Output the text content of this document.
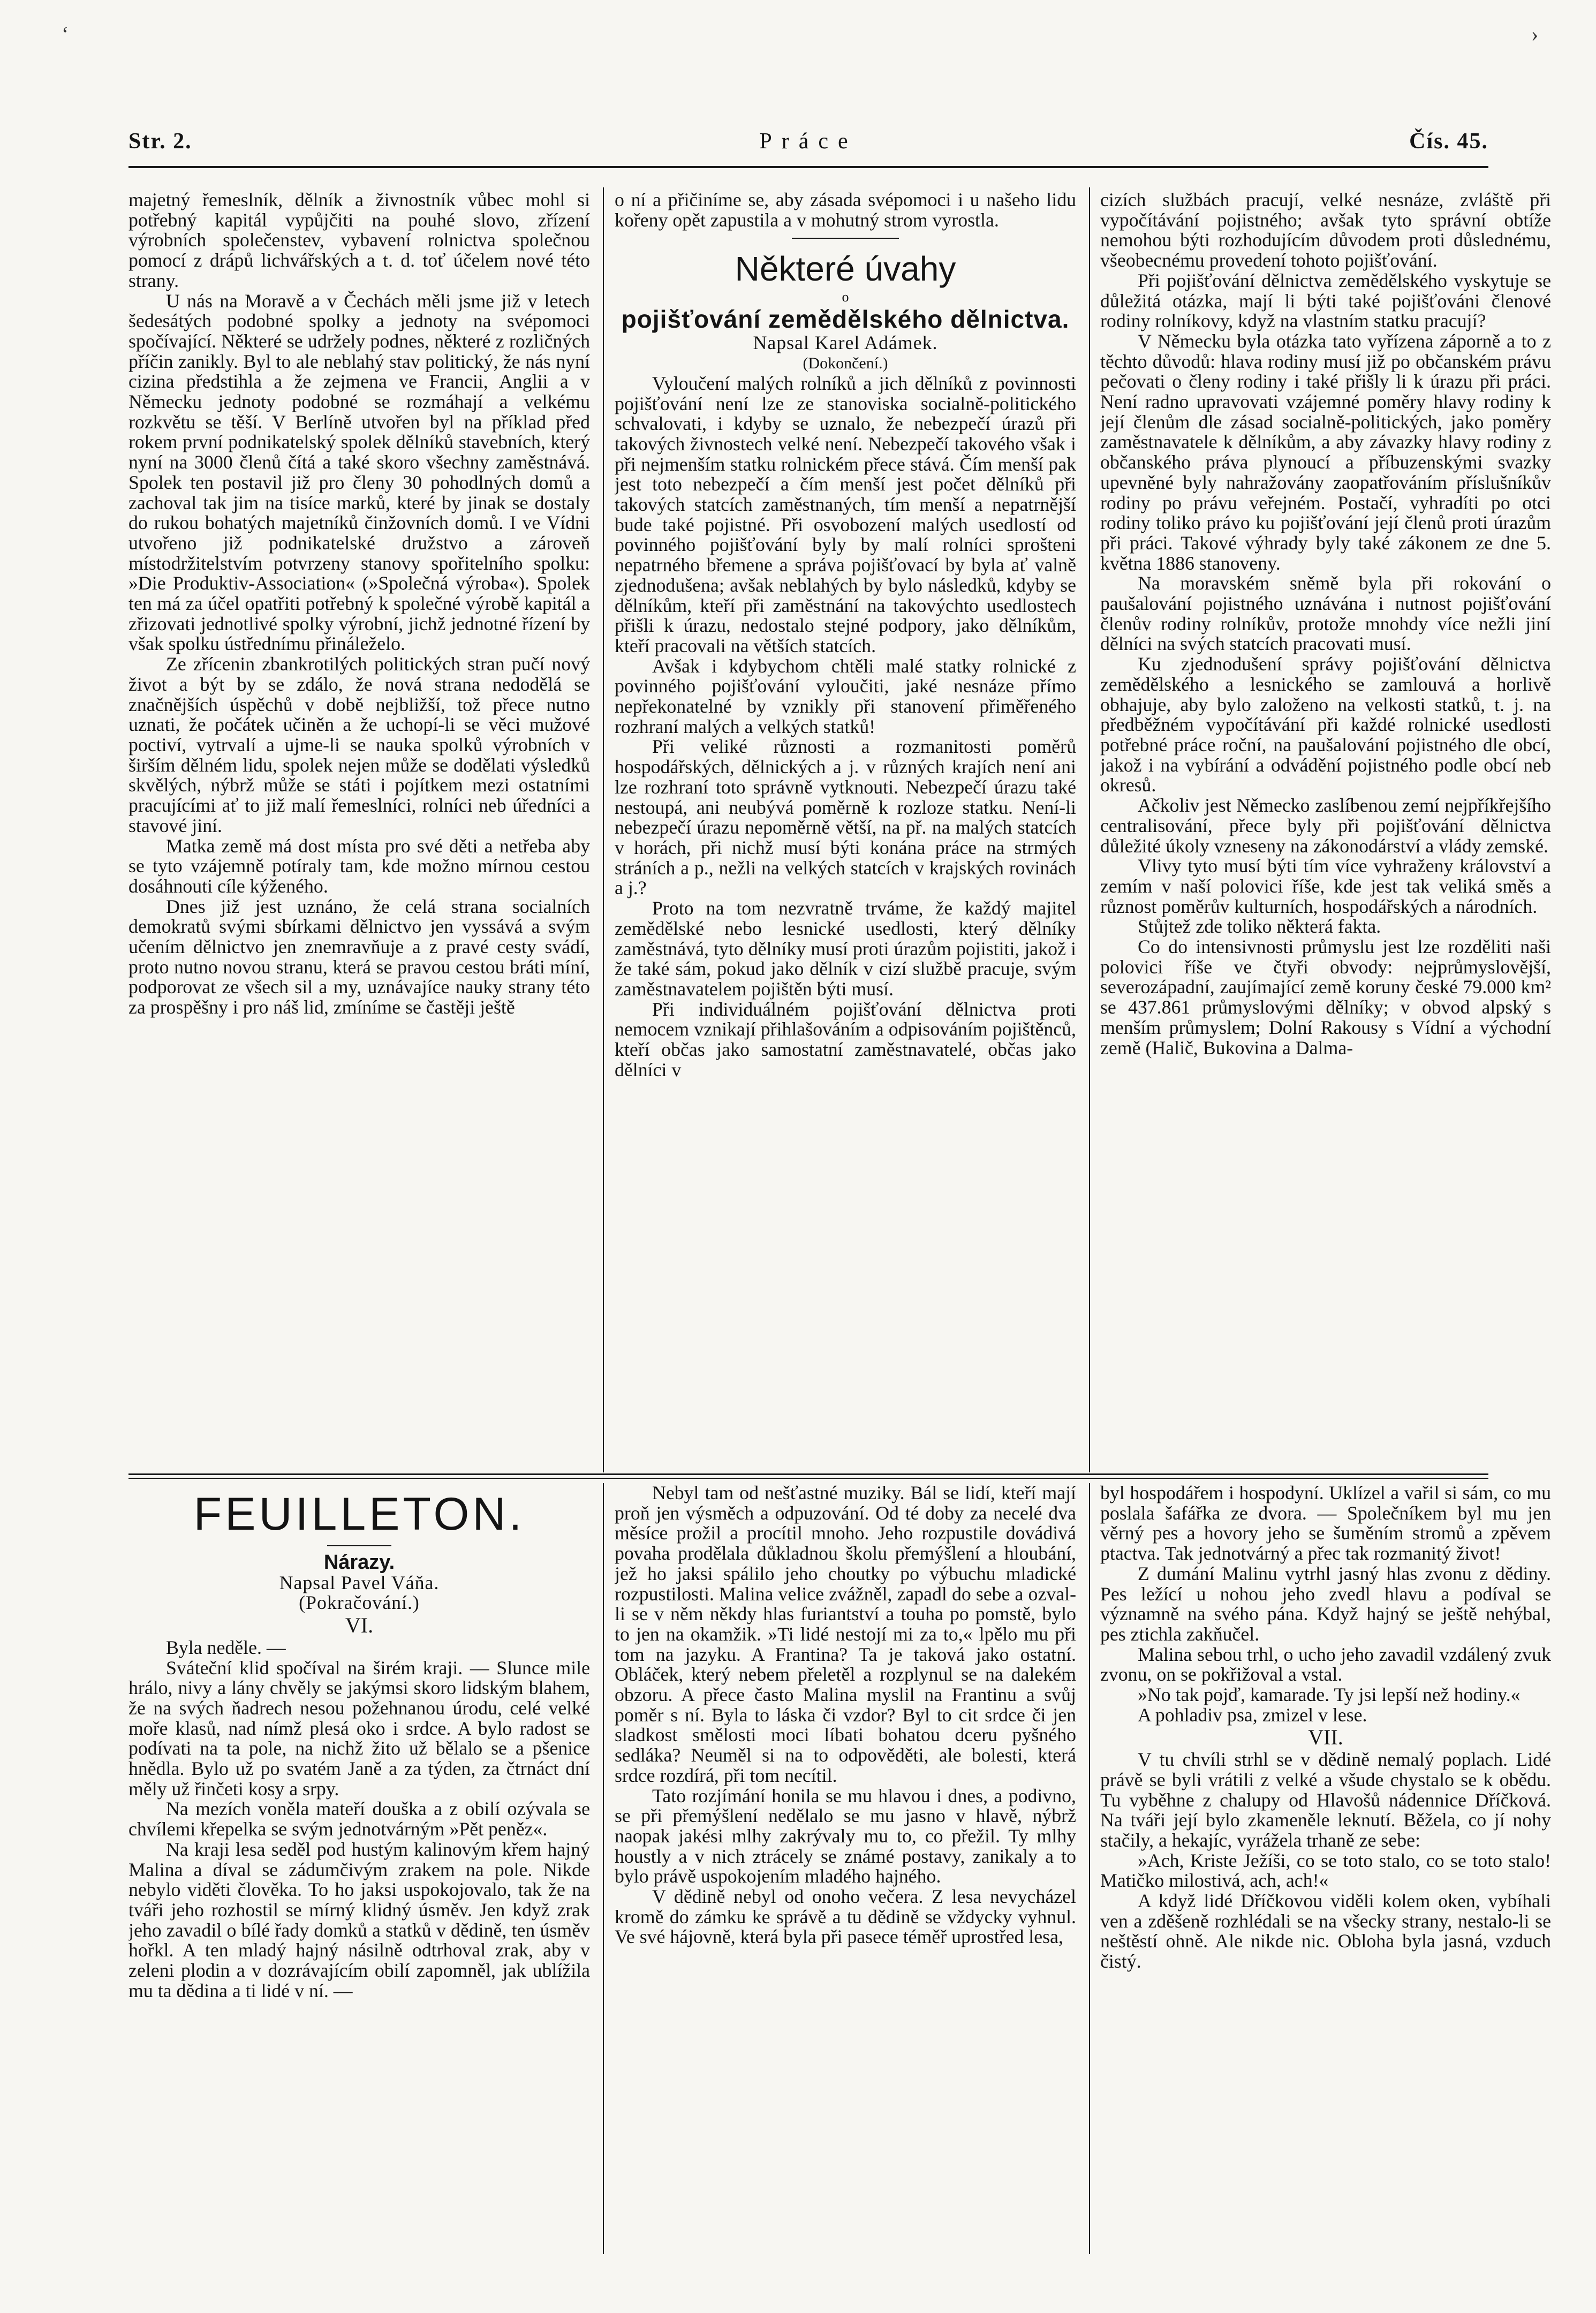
‘	›
Str. 2.	Práce	Čís. 45.

majetný řemeslník, dělník a živnostník vůbec mohl si potřebný kapitál vypůjčiti na pouhé slovo, zřízení výrobních společenstev, vybavení rolnictva společnou pomocí z drápů lichvářských a t. d. toť účelem nové této strany.

U nás na Moravě a v Čechách měli jsme již v letech šedesátých podobné spolky a jednoty na svépomoci spočívající. Některé se udržely podnes, některé z rozličných příčin zanikly. Byl to ale neblahý stav politický, že nás nyní cizina předstihla a že zejmena ve Francii, Anglii a v Německu jednoty podobné se rozmáhají a velkému rozkvětu se těší. V Berlíně utvořen byl na příklad před rokem první podnikatelský spolek dělníků stavebních, který nyní na 3000 členů čítá a také skoro všechny zaměstnává. Spolek ten postavil již pro členy 30 pohodlných domů a zachoval tak jim na tisíce marků, které by jinak se dostaly do rukou bohatých majetníků činžovních domů. I ve Vídni utvořeno již podnikatelské družstvo a zároveň místodržitelstvím potvrzeny stanovy spořitelního spolku: »Die Produktiv-Association« (»Společná výroba«). Spolek ten má za účel opatřiti potřebný k společné výrobě kapitál a zřizovati jednotlivé spolky výrobní, jichž jednotné řízení by však spolku ústřednímu přináleželo.

Ze zřícenin zbankrotilých politických stran pučí nový život a být by se zdálo, že nová strana nedodělá se značnějších úspěchů v době nejbližší, tož přece nutno uznati, že počátek učiněn a že uchopí-li se věci mužové poctiví, vytrvalí a ujme-li se nauka spolků výrobních v širším dělném lidu, spolek nejen může se dodělati výsledků skvělých, nýbrž může se státi i pojítkem mezi ostatními pracujícími ať to již malí řemeslníci, rolníci neb úředníci a stavové jiní.

Matka země má dost místa pro své děti a netřeba aby se tyto vzájemně potíraly tam, kde možno mírnou cestou dosáhnouti cíle kýženého.

Dnes již jest uznáno, že celá strana socialních demokratů svými sbírkami dělnictvo jen vyssává a svým učením dělnictvo jen znemravňuje a z pravé cesty svádí, proto nutno novou stranu, která se pravou cestou bráti míní, podporovat ze všech sil a my, uznávajíce nauky strany této za prospěšny i pro náš lid, zmíníme se častěji ještě

o ní a přičiníme se, aby zásada svépomoci i u našeho lidu kořeny opět zapustila a v mohutný strom vyrostla.

Některé úvahy

o

pojišťování zemědělského dělnictva.

Napsal Karel Adámek.

(Dokončení.)

Vyloučení malých rolníků a jich dělníků z povinnosti pojišťování není lze ze stanoviska socialně-politického schvalovati, i kdyby se uznalo, že nebezpečí úrazů při takových živnostech velké není. Nebezpečí takového však i při nejmenším statku rolnickém přece stává. Čím menší pak jest toto nebezpečí a čím menší jest počet dělníků při takových statcích zaměstnaných, tím menší a nepatrnější bude také pojistné. Při osvobození malých usedlostí od povinného pojišťování byly by malí rolníci sprošteni nepatrného břemene a správa pojišťovací by byla ať valně zjednodušena; avšak neblahých by bylo následků, kdyby se dělníkům, kteří při zaměstnání na takovýchto usedlostech přišli k úrazu, nedostalo stejné podpory, jako dělníkům, kteří pracovali na větších statcích.

Avšak i kdybychom chtěli malé statky rolnické z povinného pojišťování vyloučiti, jaké nesnáze přímo nepřekonatelné by vznikly při stanovení přiměřeného rozhraní malých a velkých statků!

Při veliké různosti a rozmanitosti poměrů hospodářských, dělnických a j. v různých krajích není ani lze rozhraní toto správně vytknouti. Nebezpečí úrazu také nestoupá, ani neubývá poměrně k rozloze statku. Není-li nebezpečí úrazu nepoměrně větší, na př. na malých statcích v horách, při nichž musí býti konána práce na strmých stráních a p., nežli na velkých statcích v krajských rovinách a j.?

Proto na tom nezvratně trváme, že každý majitel zemědělské nebo lesnické usedlosti, který dělníky zaměstnává, tyto dělníky musí proti úrazům pojistiti, jakož i že také sám, pokud jako dělník v cizí službě pracuje, svým zaměstnavatelem pojištěn býti musí.

Při individuálném pojišťování dělnictva proti nemocem vznikají přihlašováním a odpisováním pojištěnců, kteří občas jako samostatní zaměstnavatelé, občas jako dělníci v

cizích službách pracují, velké nesnáze, zvláště při vypočítávání pojistného; avšak tyto správní obtíže nemohou býti rozhodujícím důvodem proti důslednému, všeobecnému provedení tohoto pojišťování.

Při pojišťování dělnictva zemědělského vyskytuje se důležitá otázka, mají li býti také pojišťováni členové rodiny rolníkovy, když na vlastním statku pracují?

V Německu byla otázka tato vyřízena záporně a to z těchto důvodů: hlava rodiny musí již po občanském právu pečovati o členy rodiny i také přišly li k úrazu při práci. Není radno upravovati vzájemné poměry hlavy rodiny k její členům dle zásad socialně-politických, jako poměry zaměstnavatele k dělníkům, a aby závazky hlavy rodiny z občanského práva plynoucí a příbuzenskými svazky upevněné byly nahražovány zaopatřováním příslušníkův rodiny po právu veřejném. Postačí, vyhradíti po otci rodiny toliko právo ku pojišťování její členů proti úrazům při práci. Takové výhrady byly také zákonem ze dne 5. května 1886 stanoveny.

Na moravském sněmě byla při rokování o paušalování pojistného uznávána i nutnost pojišťování členův rodiny rolníkův, protože mnohdy více nežli jiní dělníci na svých statcích pracovati musí.

Ku zjednodušení správy pojišťování dělnictva zemědělského a lesnického se zamlouvá a horlivě obhajuje, aby bylo založeno na velkosti statků, t. j. na předběžném vypočítávání při každé rolnické usedlosti potřebné práce roční, na paušalování pojistného dle obcí, jakož i na vybírání a odvádění pojistného podle obcí neb okresů.

Ačkoliv jest Německo zaslíbenou zemí nejpříkřejšího centralisování, přece byly při pojišťování dělnictva důležité úkoly vzneseny na zákonodárství a vlády zemské.

Vlivy tyto musí býti tím více vyhraženy království a zemím v naší polovici říše, kde jest tak veliká směs a různost poměrův kulturních, hospodářských a národních.

Stůjtež zde toliko některá fakta.

Co do intensivnosti průmyslu jest lze rozděliti naši polovici říše ve čtyři obvody: nejprůmyslovější, severozápadní, zaujímající země koruny české 79.000 km² se 437.861 průmyslovými dělníky; v obvod alpský s menším průmyslem; Dolní Rakousy s Vídní a východní země (Halič, Bukovina a Dalma-

FEUILLETON.

Nárazy.

Napsal Pavel Váňa.

(Pokračování.)

VI.

Byla neděle. —

Sváteční klid spočíval na širém kraji. — Slunce mile hrálo, nivy a lány chvěly se jakýmsi skoro lidským blahem, že na svých ňadrech nesou požehnanou úrodu, celé velké moře klasů, nad nímž plesá oko i srdce. A bylo radost se podívati na ta pole, na nichž žito už bělalo se a pšenice hnědla. Bylo už po svatém Janě a za týden, za čtrnáct dní měly už řinčeti kosy a srpy.

Na mezích voněla mateří douška a z obilí ozývala se chvílemi křepelka se svým jednotvárným »Pět peněz«.

Na kraji lesa seděl pod hustým kalinovým křem hajný Malina a díval se zádumčivým zrakem na pole. Nikde nebylo viděti člověka. To ho jaksi uspokojovalo, tak že na tváři jeho rozhostil se mírný klidný úsměv. Jen když zrak jeho zavadil o bílé řady domků a statků v dědině, ten úsměv hořkl. A ten mladý hajný násilně odtrhoval zrak, aby v zeleni plodin a v dozrávajícím obilí zapomněl, jak ublížila mu ta dědina a ti lidé v ní. —

Nebyl tam od nešťastné muziky. Bál se lidí, kteří mají proň jen výsměch a odpuzování. Od té doby za necelé dva měsíce prožil a procítil mnoho. Jeho rozpustile dovádivá povaha prodělala důkladnou školu přemýšlení a hloubání, jež ho jaksi spálilo jeho choutky po výbuchu mladické rozpustilosti. Malina velice zvážněl, zapadl do sebe a ozval-li se v něm někdy hlas furiantství a touha po pomstě, bylo to jen na okamžik. »Ti lidé nestojí mi za to,« lpělo mu při tom na jazyku. A Frantina? Ta je taková jako ostatní. Obláček, který nebem přeletěl a rozplynul se na dalekém obzoru. A přece často Malina myslil na Frantinu a svůj poměr s ní. Byla to láska či vzdor? Byl to cit srdce či jen sladkost smělosti moci líbati bohatou dceru pyšného sedláka? Neuměl si na to odpověděti, ale bolesti, která srdce rozdírá, při tom necítil.

Tato rozjímání honila se mu hlavou i dnes, a podivno, se při přemýšlení nedělalo se mu jasno v hlavě, nýbrž naopak jakési mlhy zakrývaly mu to, co přežil. Ty mlhy houstly a v nich ztrácely se známé postavy, zanikaly a to bylo právě uspokojením mladého hajného.

V dědině nebyl od onoho večera. Z lesa nevycházel kromě do zámku ke správě a tu dědině se vždycky vyhnul. Ve své hájovně, která byla při pasece téměř uprostřed lesa,

byl hospodářem i hospodyní. Uklízel a vařil si sám, co mu poslala šafářka ze dvora. — Společníkem byl mu jen věrný pes a hovory jeho se šuměním stromů a zpěvem ptactva. Tak jednotvárný a přec tak rozmanitý život!

Z dumání Malinu vytrhl jasný hlas zvonu z dědiny. Pes ležící u nohou jeho zvedl hlavu a podíval se významně na svého pána. Když hajný se ještě nehýbal, pes ztichla zakňučel.

Malina sebou trhl, o ucho jeho zavadil vzdálený zvuk zvonu, on se pokřižoval a vstal.

»No tak pojď, kamarade. Ty jsi lepší než hodiny.«

A pohladiv psa, zmizel v lese.

VII.

V tu chvíli strhl se v dědině nemalý poplach. Lidé právě se byli vrátili z velké a všude chystalo se k obědu. Tu vyběhne z chalupy od Hlavošů nádennice Dříčková. Na tváři její bylo zkameněle leknutí. Běžela, co jí nohy stačily, a hekajíc, vyrážela trhaně ze sebe:

»Ach, Kriste Ježíši, co se toto stalo, co se toto stalo! Matičko milostivá, ach, ach!«

A když lidé Dříčkovou viděli kolem oken, vybíhali ven a zděšeně rozhlédali se na všecky strany, nestalo-li se neštěstí ohně. Ale nikde nic. Obloha byla jasná, vzduch čistý.
